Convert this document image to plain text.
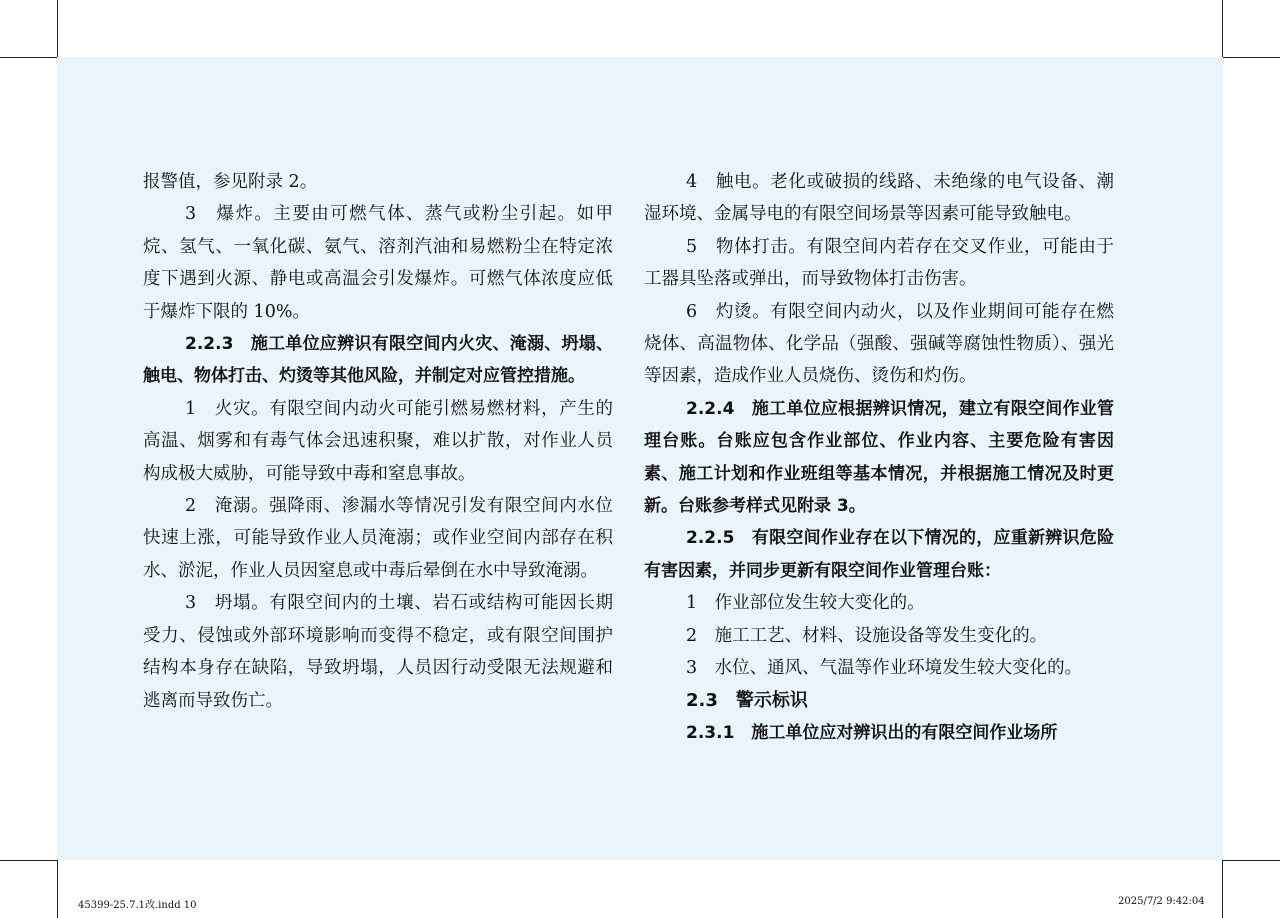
报警值，参见附录 2。

3　爆炸。主要由可燃气体、蒸气或粉尘引起。如甲烷、氢气、一氧化碳、氨气、溶剂汽油和易燃粉尘在特定浓度下遇到火源、静电或高温会引发爆炸。可燃气体浓度应低于爆炸下限的 10%。

2.2.3　施工单位应辨识有限空间内火灾、淹溺、坍塌、触电、物体打击、灼烫等其他风险，并制定对应管控措施。

1　火灾。有限空间内动火可能引燃易燃材料，产生的高温、烟雾和有毒气体会迅速积聚，难以扩散，对作业人员构成极大威胁，可能导致中毒和窒息事故。

2　淹溺。强降雨、渗漏水等情况引发有限空间内水位快速上涨，可能导致作业人员淹溺；或作业空间内部存在积水、淤泥，作业人员因窒息或中毒后晕倒在水中导致淹溺。

3　坍塌。有限空间内的土壤、岩石或结构可能因长期受力、侵蚀或外部环境影响而变得不稳定，或有限空间围护结构本身存在缺陷，导致坍塌，人员因行动受限无法规避和逃离而导致伤亡。

4　触电。老化或破损的线路、未绝缘的电气设备、潮湿环境、金属导电的有限空间场景等因素可能导致触电。

5　物体打击。有限空间内若存在交叉作业，可能由于工器具坠落或弹出，而导致物体打击伤害。

6　灼烫。有限空间内动火，以及作业期间可能存在燃烧体、高温物体、化学品（强酸、强碱等腐蚀性物质）、强光等因素，造成作业人员烧伤、烫伤和灼伤。

2.2.4　施工单位应根据辨识情况，建立有限空间作业管理台账。台账应包含作业部位、作业内容、主要危险有害因素、施工计划和作业班组等基本情况，并根据施工情况及时更新。台账参考样式见附录 3。

2.2.5　有限空间作业存在以下情况的，应重新辨识危险有害因素，并同步更新有限空间作业管理台账：

1　作业部位发生较大变化的。

2　施工工艺、材料、设施设备等发生变化的。

3　水位、通风、气温等作业环境发生较大变化的。

2.3　警示标识

2.3.1　施工单位应对辨识出的有限空间作业场所

45399-25.7.1改.indd 10	2025/7/2 9:42:04
